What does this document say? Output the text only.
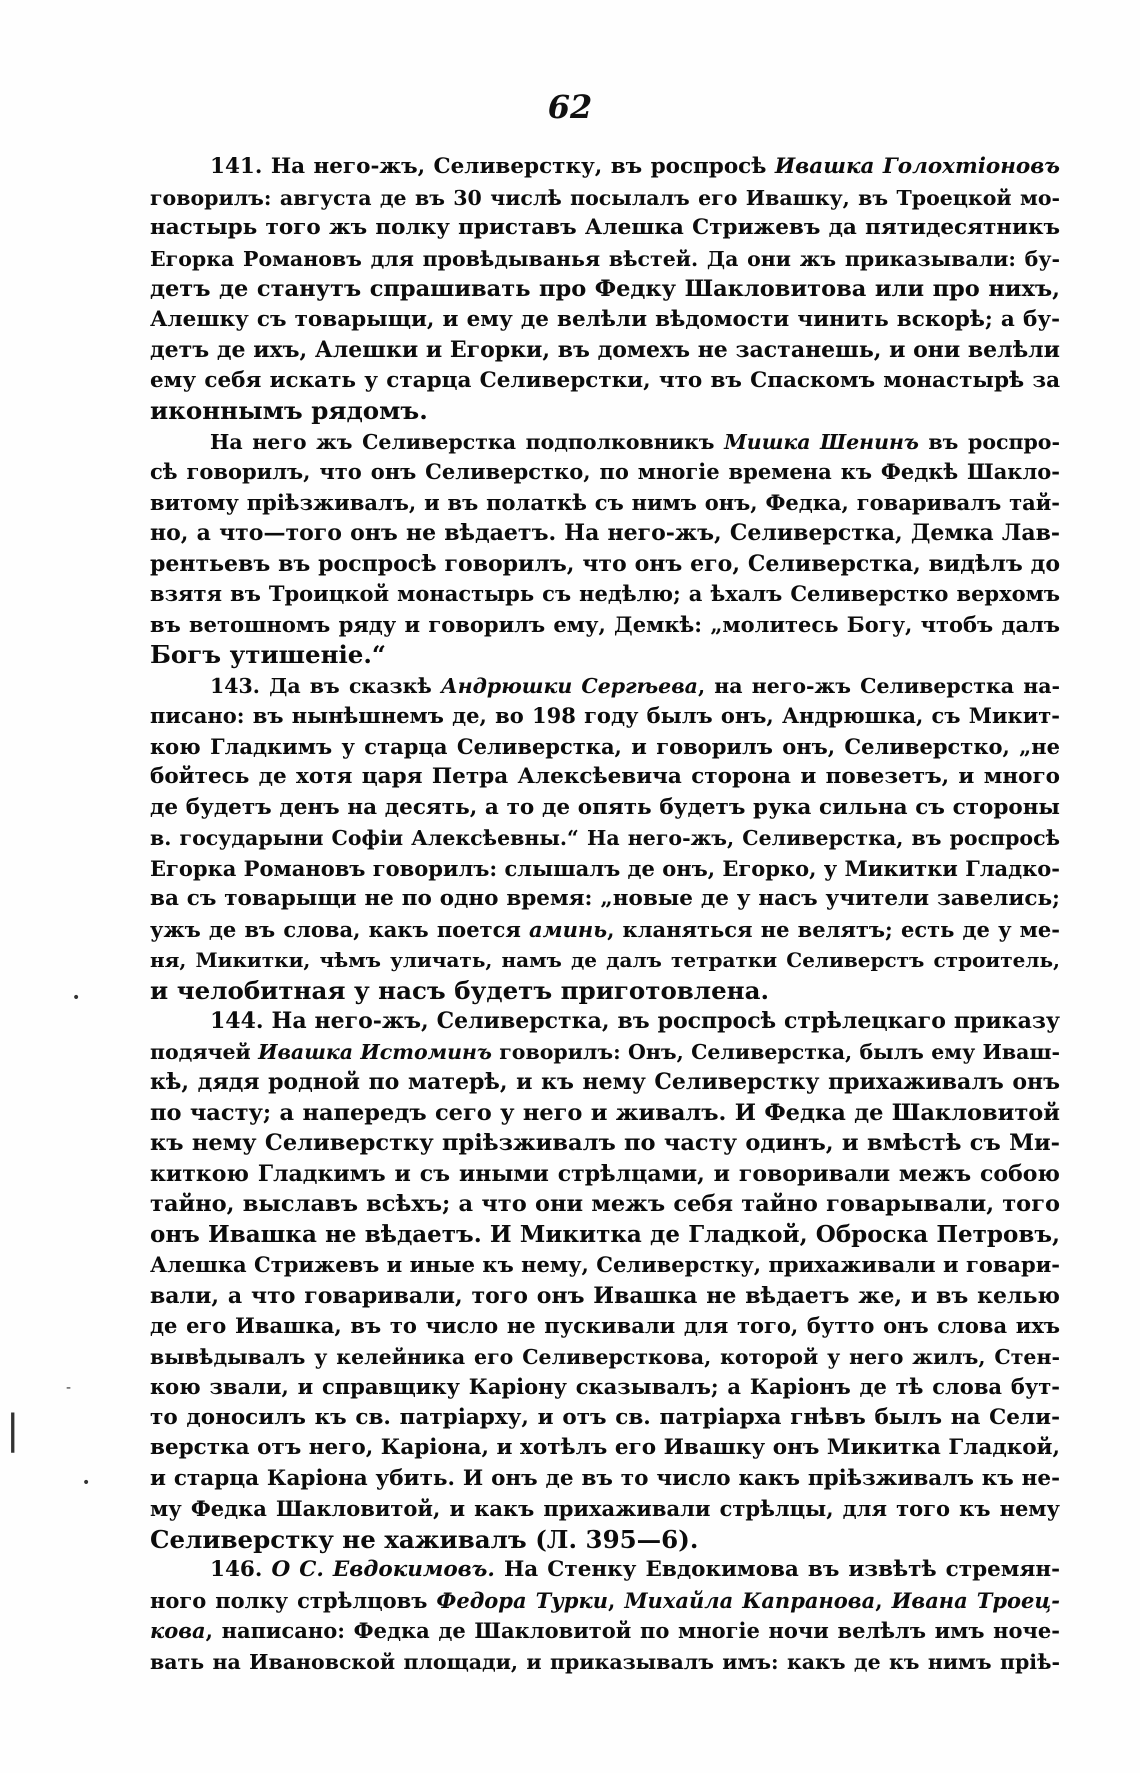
62
141. На него-жъ, Селиверстку, въ роспросѣ Ивашка Голохтіоновъ
говорилъ: августа де въ 30 числѣ посылалъ его Ивашку, въ Троецкой мо-
настырь того жъ полку приставъ Алешка Стрижевъ да пятидесятникъ
Егорка Романовъ для провѣдыванья вѣстей. Да они жъ приказывали: бу-
детъ де станутъ спрашивать про Федку Шакловитова или про нихъ,
Алешку съ товарыщи, и ему де велѣли вѣдомости чинить вскорѣ; а бу-
детъ де ихъ, Алешки и Егорки, въ домехъ не застанешь, и они велѣли
ему себя искать у старца Селиверстки, что въ Спаскомъ монастырѣ за
иконнымъ рядомъ.
На него жъ Селиверстка подполковникъ Мишка Шенинъ въ роспро-
сѣ говорилъ, что онъ Селиверстко, по многіе времена къ Федкѣ Шакло-
витому пріѣзживалъ, и въ полаткѣ съ нимъ онъ, Федка, говаривалъ тай-
но, а что—того онъ не вѣдаетъ. На него-жъ, Селиверстка, Демка Лав-
рентьевъ въ роспросѣ говорилъ, что онъ его, Селиверстка, видѣлъ до
взятя въ Троицкой монастырь съ недѣлю; а ѣхалъ Селиверстко верхомъ
въ ветошномъ ряду и говорилъ ему, Демкѣ: „молитесь Богу, чтобъ далъ
Богъ утишеніе.“
143. Да въ сказкѣ Андрюшки Сергѣева, на него-жъ Селиверстка на-
писано: въ нынѣшнемъ де, во 198 году былъ онъ, Андрюшка, съ Микит-
кою Гладкимъ у старца Селиверстка, и говорилъ онъ, Селиверстко, „не
бойтесь де хотя царя Петра Алексѣевича сторона и повезетъ, и много
де будетъ денъ на десять, а то де опять будетъ рука сильна съ стороны
в. государыни Софіи Алексѣевны.“ На него-жъ, Селиверстка, въ роспросѣ
Егорка Романовъ говорилъ: слышалъ де онъ, Егорко, у Микитки Гладко-
ва съ товарыщи не по одно время: „новые де у насъ учители завелись;
ужъ де въ слова, какъ поется аминь, кланяться не велятъ; есть де у ме-
ня, Микитки, чѣмъ уличать, намъ де далъ тетратки Селиверстъ строитель,
и челобитная у насъ будетъ приготовлена.
144. На него-жъ, Селиверстка, въ роспросѣ стрѣлецкаго приказу
подячей Ивашка Истоминъ говорилъ: Онъ, Селиверстка, былъ ему Иваш-
кѣ, дядя родной по матерѣ, и къ нему Селиверстку прихаживалъ онъ
по часту; а напередъ сего у него и живалъ. И Федка де Шакловитой
къ нему Селиверстку пріѣзживалъ по часту одинъ, и вмѣстѣ съ Ми-
киткою Гладкимъ и съ иными стрѣлцами, и говоривали межъ собою
тайно, выславъ всѣхъ; а что они межъ себя тайно говарывали, того
онъ Ивашка не вѣдаетъ. И Микитка де Гладкой, Оброска Петровъ,
Алешка Стрижевъ и иные къ нему, Селиверстку, прихаживали и говари-
вали, а что говаривали, того онъ Ивашка не вѣдаетъ же, и въ келью
де его Ивашка, въ то число не пускивали для того, бутто онъ слова ихъ
вывѣдывалъ у келейника его Селиверсткова, которой у него жилъ, Стен-
кою звали, и справщику Каріону сказывалъ; а Каріонъ де тѣ слова бут-
то доносилъ къ св. патріарху, и отъ св. патріарха гнѣвъ былъ на Сели-
верстка отъ него, Каріона, и хотѣлъ его Ивашку онъ Микитка Гладкой,
и старца Каріона убить. И онъ де въ то число какъ пріѣзживалъ къ не-
му Федка Шакловитой, и какъ прихаживали стрѣлцы, для того къ нему
Селиверстку не хаживалъ (Л. 395—6).
146. О С. Евдокимовъ. На Стенку Евдокимова въ извѣтѣ стремян-
ного полку стрѣлцовъ Федора Турки, Михайла Капранова, Ивана Троец-
кова, написано: Федка де Шакловитой по многіе ночи велѣлъ имъ ноче-
вать на Ивановской площади, и приказывалъ имъ: какъ де къ нимъ пріѣ-
•
-
•
|
